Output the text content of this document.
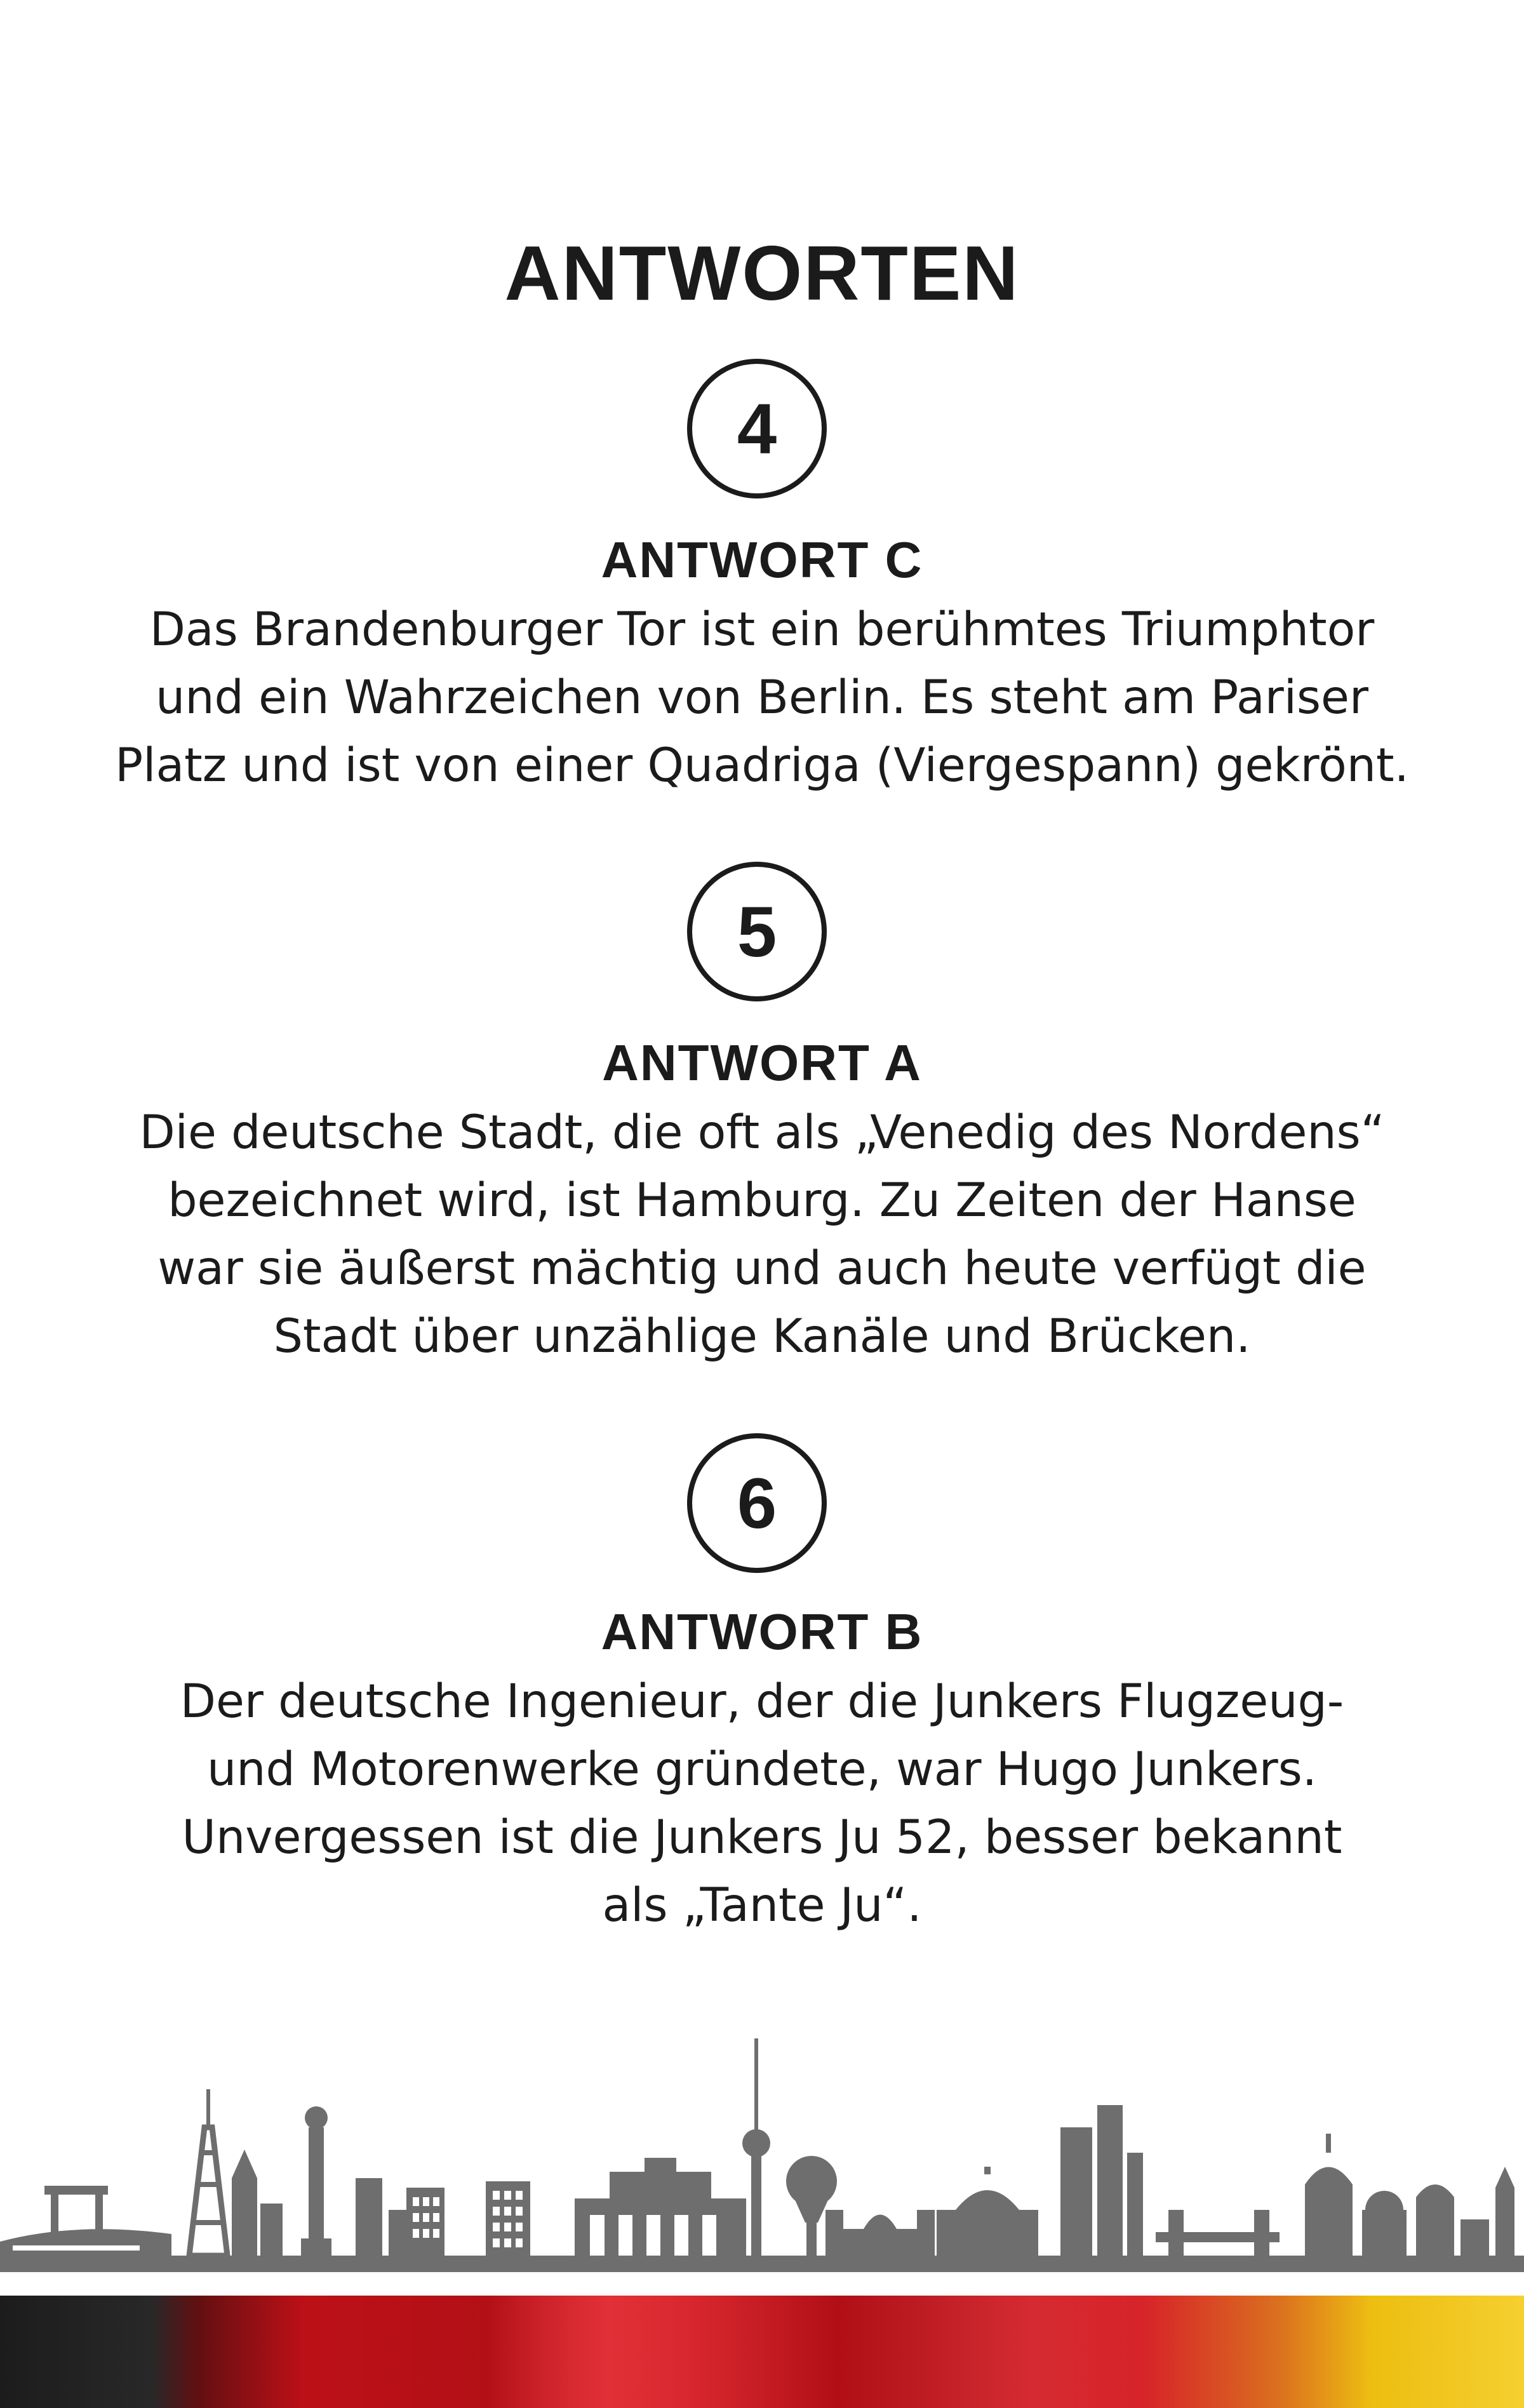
ANTWORTEN
4
ANTWORT C
Das Brandenburger Tor ist ein berühmtes Triumphtor
und ein Wahrzeichen von Berlin. Es steht am Pariser
Platz und ist von einer Quadriga (Viergespann) gekrönt.
5
ANTWORT A
Die deutsche Stadt, die oft als „Venedig des Nordens“
bezeichnet wird, ist Hamburg. Zu Zeiten der Hanse
war sie äußerst mächtig und auch heute verfügt die
Stadt über unzählige Kanäle und Brücken.
6
ANTWORT B
Der deutsche Ingenieur, der die Junkers Flugzeug-
und Motorenwerke gründete, war Hugo Junkers.
Unvergessen ist die Junkers Ju 52, besser bekannt
als „Tante Ju“.
